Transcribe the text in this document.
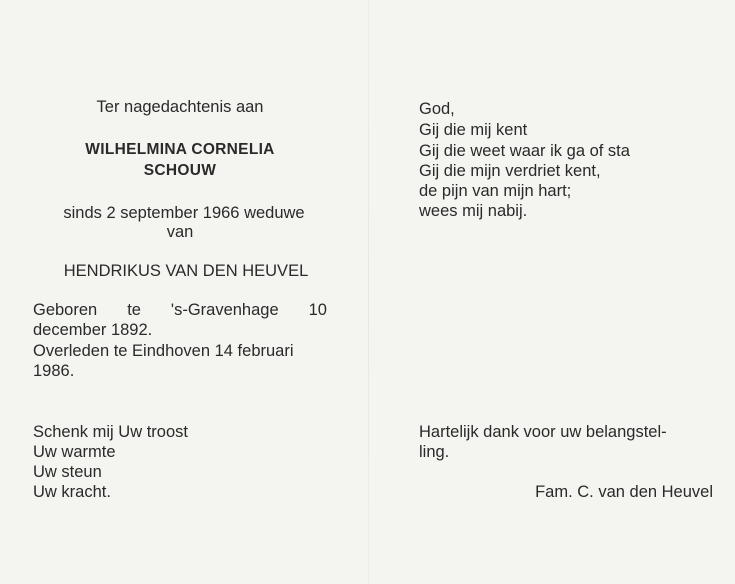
Ter nagedachtenis aan

WILHELMINA CORNELIA

SCHOUW

sinds 2 september 1966 weduwe

van

HENDRIKUS VAN DEN HEUVEL

Geboren te 's-Gravenhage 10

december 1892.

Overleden te Eindhoven 14 februari

1986.

Schenk mij Uw troost

Uw warmte

Uw steun

Uw kracht.

God,

Gij die mij kent

Gij die weet waar ik ga of sta

Gij die mijn verdriet kent,

de pijn van mijn hart;

wees mij nabij.

Hartelijk dank voor uw belangstel-

ling.

Fam. C. van den Heuvel
